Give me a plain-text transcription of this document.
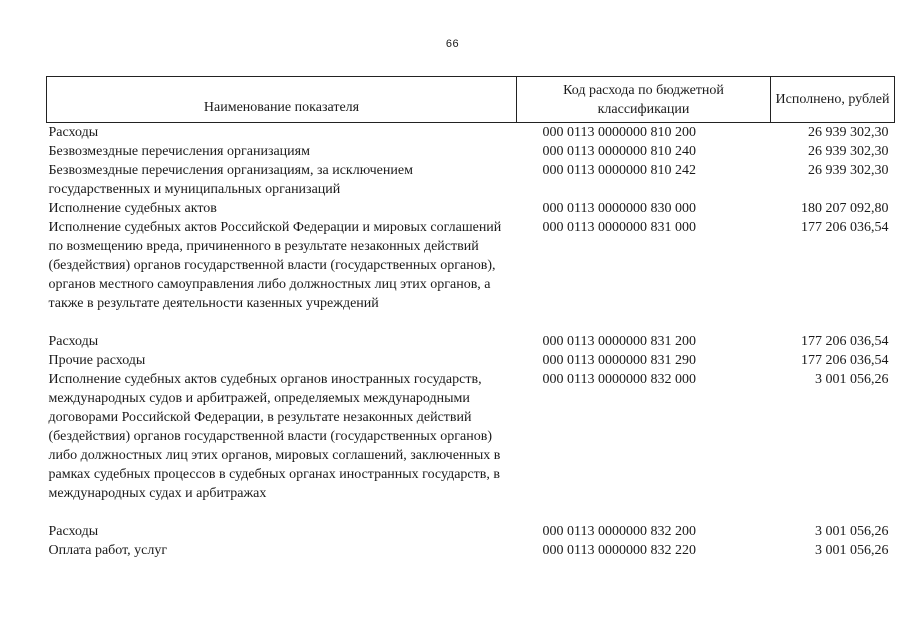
66
Наименование показателя	Код расхода по бюджетной классификации	Исполнено, рублей
Расходы	000 0113 0000000 810 200	26 939 302,30
Безвозмездные перечисления организациям	000 0113 0000000 810 240	26 939 302,30
Безвозмездные перечисления организациям, за исключением государственных и муниципальных организаций	000 0113 0000000 810 242	26 939 302,30
Исполнение судебных актов	000 0113 0000000 830 000	180 207 092,80
Исполнение судебных актов Российской Федерации и мировых соглашений по возмещению вреда, причиненного в результате незаконных действий (бездействия) органов государственной власти (государственных органов), органов местного самоуправления либо должностных лиц этих органов, а также в результате деятельности казенных учреждений	000 0113 0000000 831 000	177 206 036,54
Расходы	000 0113 0000000 831 200	177 206 036,54
Прочие расходы	000 0113 0000000 831 290	177 206 036,54
Исполнение судебных актов судебных органов иностранных государств, международных судов и арбитражей, определяемых международными договорами Российской Федерации, в результате незаконных действий (бездействия) органов государственной власти (государственных органов) либо должностных лиц этих органов, мировых соглашений, заключенных в рамках судебных процессов в судебных органах иностранных государств, в международных судах и арбитражах	000 0113 0000000 832 000	3 001 056,26
Расходы	000 0113 0000000 832 200	3 001 056,26
Оплата работ, услуг	000 0113 0000000 832 220	3 001 056,26
